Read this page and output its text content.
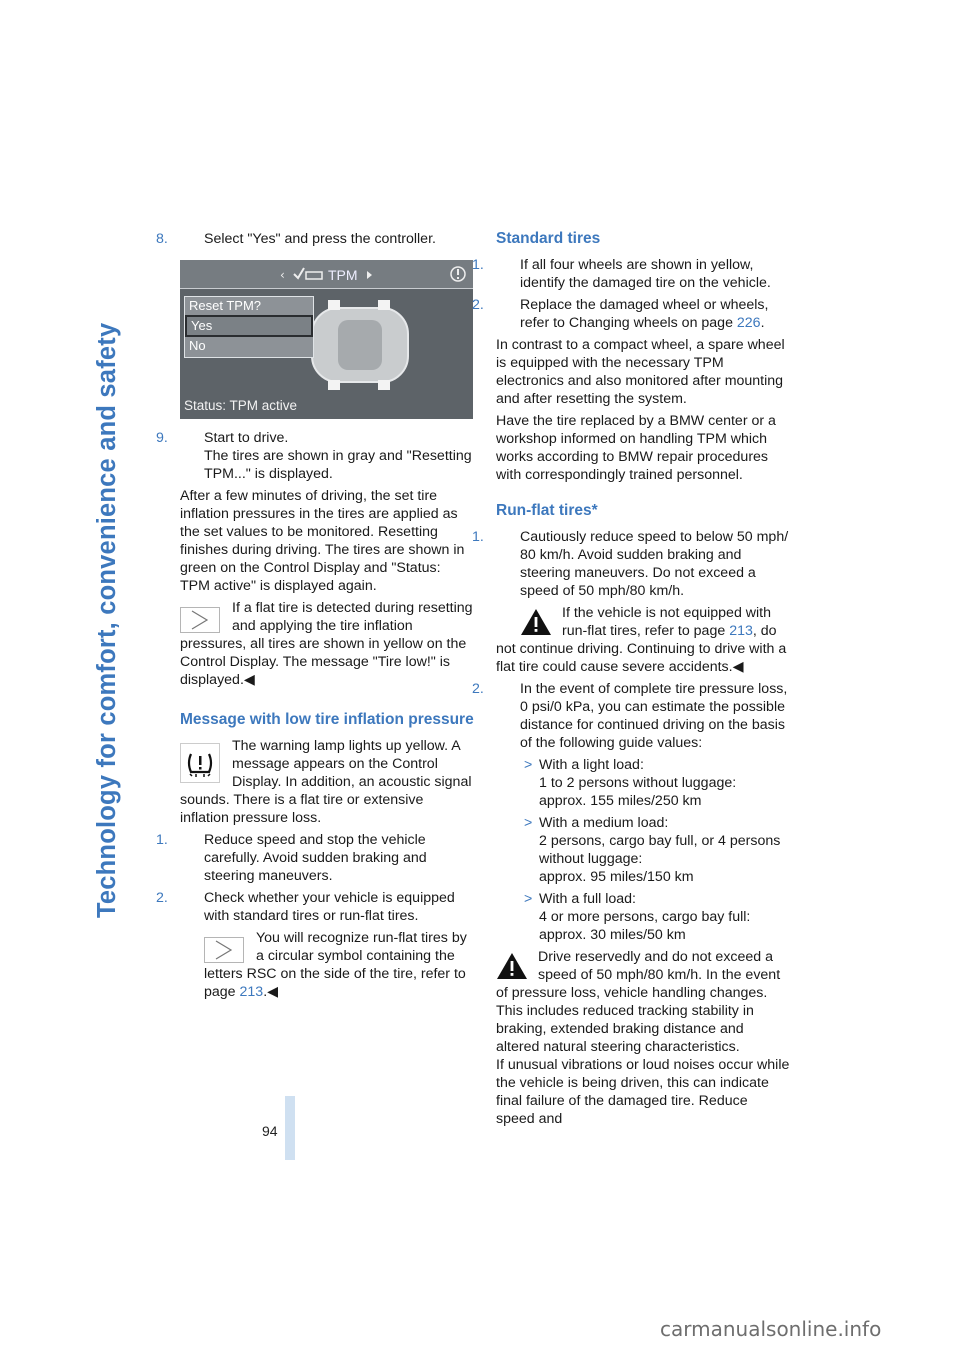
Technology for comfort, convenience and safety
94

8.	Select "Yes" and press the controller.

‹	TPM
Reset TPM?
Yes
No
Status: TPM active

9.	Start to drive.
The tires are shown in gray and "Resetting TPM..." is displayed.

After a few minutes of driving, the set tire inflation pressures in the tires are applied as the set values to be monitored. Resetting finishes during driving. The tires are shown in green on the Control Display and "Status: TPM active" is displayed again.

If a flat tire is detected during resetting and applying the tire inflation pressures, all tires are shown in yellow on the Control Display. The message "Tire low!" is displayed.◀

Message with low tire inflation pressure

The warning lamp lights up yellow. A message appears on the Control Display. In addition, an acoustic signal sounds. There is a flat tire or extensive inflation pressure loss.

1.	Reduce speed and stop the vehicle carefully. Avoid sudden braking and steering maneuvers.

2.	Check whether your vehicle is equipped with standard tires or run-flat tires.

You will recognize run-flat tires by a circular symbol containing the letters RSC on the side of the tire, refer to page 213.◀

Standard tires

1.	If all four wheels are shown in yellow, identify the damaged tire on the vehicle.

2.	Replace the damaged wheel or wheels, refer to Changing wheels on page 226.

In contrast to a compact wheel, a spare wheel is equipped with the necessary TPM electronics and also monitored after mounting and after resetting the system.

Have the tire replaced by a BMW center or a workshop informed on handling TPM which works according to BMW repair procedures with correspondingly trained personnel.

Run-flat tires*

1.	Cautiously reduce speed to below 50 mph/ 80 km/h. Avoid sudden braking and steering maneuvers. Do not exceed a speed of 50 mph/80 km/h.

If the vehicle is not equipped with run-flat tires, refer to page 213, do not continue driving. Continuing to drive with a flat tire could cause severe accidents.◀

2.	In the event of complete tire pressure loss, 0 psi/0 kPa, you can estimate the possible distance for continued driving on the basis of the following guide values:

> With a light load:
1 to 2 persons without luggage:
approx. 155 miles/250 km
> With a medium load:
2 persons, cargo bay full, or 4 persons without luggage:
approx. 95 miles/150 km
> With a full load:
4 or more persons, cargo bay full:
approx. 30 miles/50 km

Drive reservedly and do not exceed a speed of 50 mph/80 km/h. In the event of pressure loss, vehicle handling changes. This includes reduced tracking stability in braking, extended braking distance and altered natural steering characteristics.

If unusual vibrations or loud noises occur while the vehicle is being driven, this can indicate final failure of the damaged tire. Reduce speed and

carmanualsonline.info
